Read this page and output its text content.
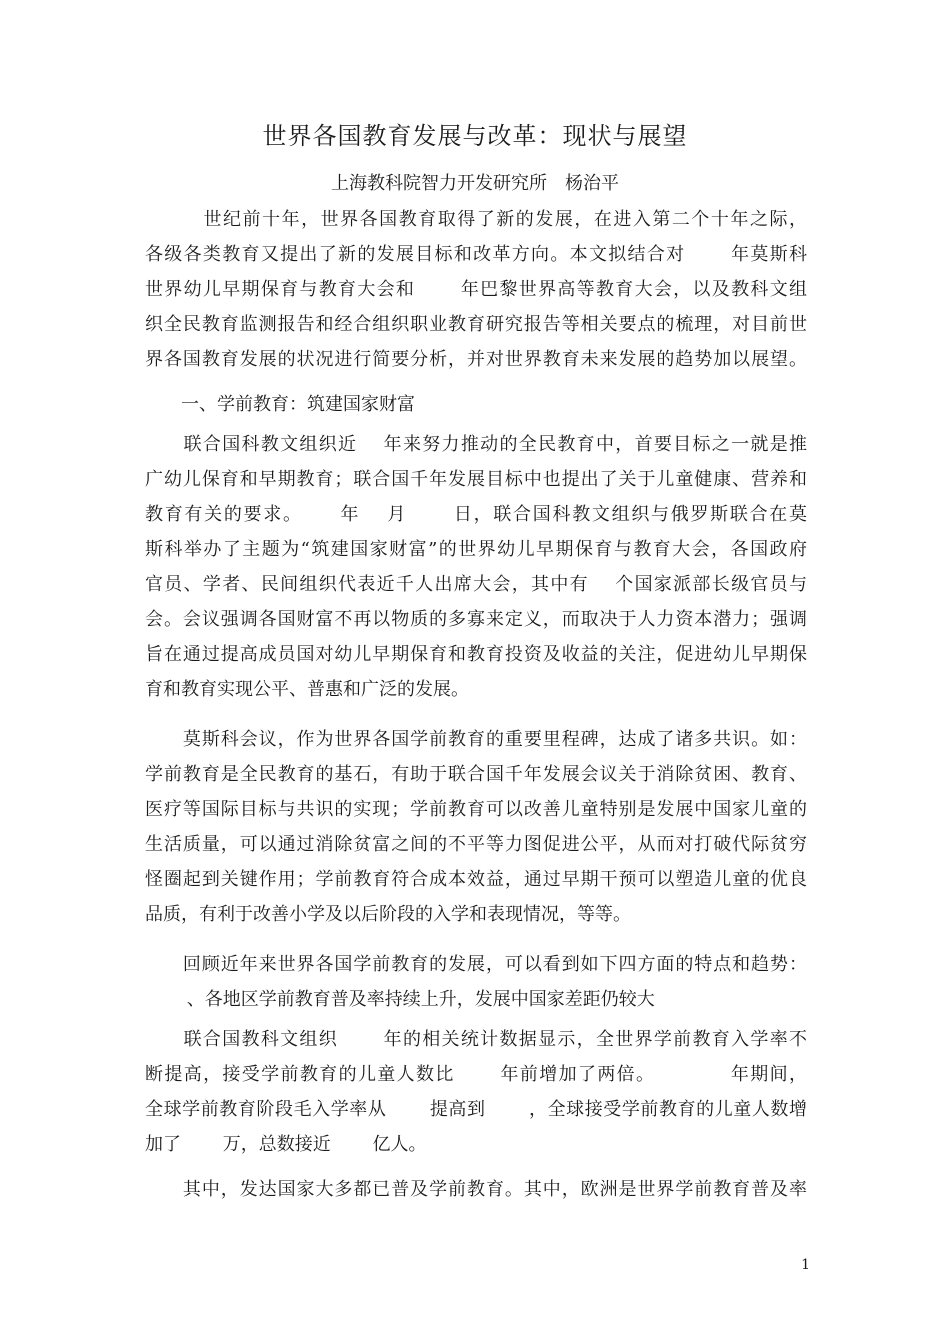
世界各国教育发展与改革：现状与展望
上海教科院智力开发研究所　杨治平
　　　世纪前十年，世界各国教育取得了新的发展，在进入第二个十年之际，
各级各类教育又提出了新的发展目标和改革方向。本文拟结合对　　 年莫斯科
世界幼儿早期保育与教育大会和　　 年巴黎世界高等教育大会，以及教科文组
织全民教育监测报告和经合组织职业教育研究报告等相关要点的梳理，对目前世
界各国教育发展的状况进行简要分析，并对世界教育未来发展的趋势加以展望。
　　一、学前教育：筑建国家财富
　　联合国科教文组织近　 年来努力推动的全民教育中，首要目标之一就是推
广幼儿保育和早期教育；联合国千年发展目标中也提出了关于儿童健康、营养和
教育有关的要求。　　 年　 月　　 日，联合国科教文组织与俄罗斯联合在莫
斯科举办了主题为“筑建国家财富”的世界幼儿早期保育与教育大会，各国政府
官员、学者、民间组织代表近千人出席大会，其中有　 个国家派部长级官员与
会。会议强调各国财富不再以物质的多寡来定义，而取决于人力资本潜力；强调
旨在通过提高成员国对幼儿早期保育和教育投资及收益的关注，促进幼儿早期保
育和教育实现公平、普惠和广泛的发展。
　　莫斯科会议，作为世界各国学前教育的重要里程碑，达成了诸多共识。如：
学前教育是全民教育的基石，有助于联合国千年发展会议关于消除贫困、教育、
医疗等国际目标与共识的实现；学前教育可以改善儿童特别是发展中国家儿童的
生活质量，可以通过消除贫富之间的不平等力图促进公平，从而对打破代际贫穷
怪圈起到关键作用；学前教育符合成本效益，通过早期干预可以塑造儿童的优良
品质，有利于改善小学及以后阶段的入学和表现情况，等等。
　　回顾近年来世界各国学前教育的发展，可以看到如下四方面的特点和趋势：
　　 、各地区学前教育普及率持续上升，发展中国家差距仍较大
　　联合国教科文组织　　 年的相关统计数据显示，全世界学前教育入学率不
断提高，接受学前教育的儿童人数比　　 年前增加了两倍。　　　　 年期间，
全球学前教育阶段毛入学率从　　 提高到　　 ，全球接受学前教育的儿童人数增
加了　　 万，总数接近　　 亿人。
　　其中，发达国家大多都已普及学前教育。其中，欧洲是世界学前教育普及率
1
